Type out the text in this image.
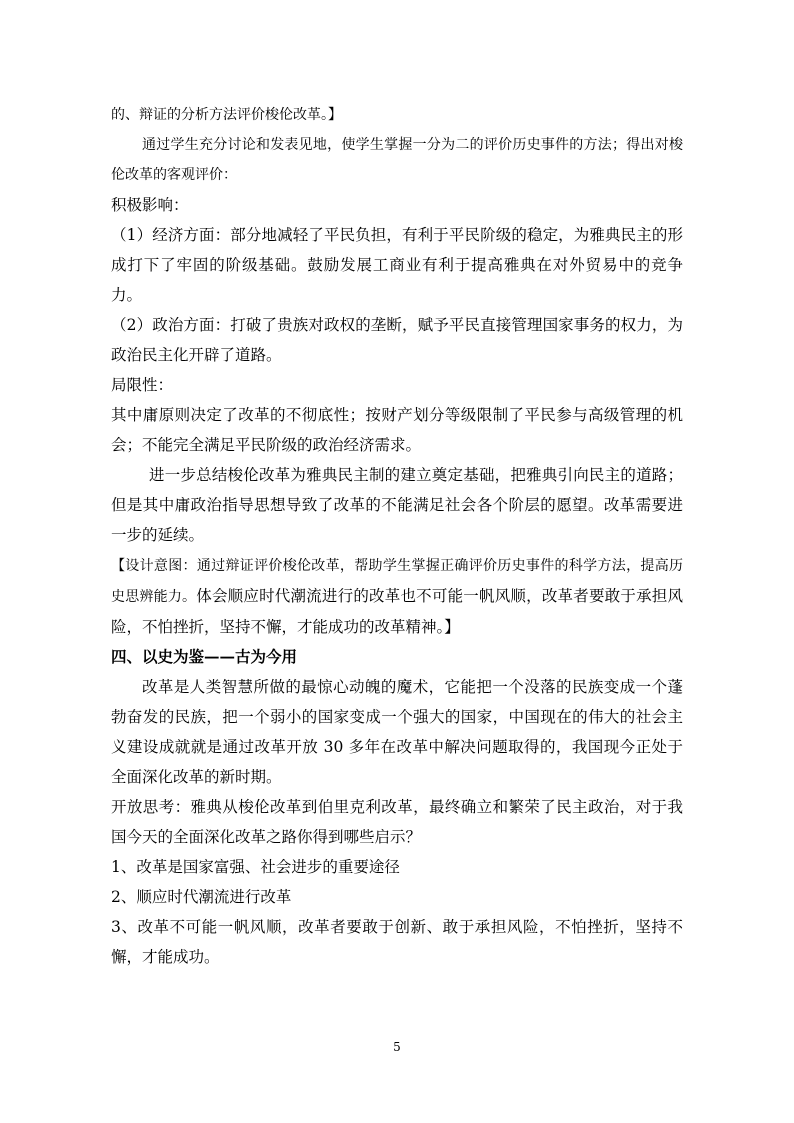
的、辩证的分析方法评价梭伦改革。】

通过学生充分讨论和发表见地，使学生掌握一分为二的评价历史事件的方法；得出对梭伦改革的客观评价：

积极影响：

（1）经济方面：部分地减轻了平民负担，有利于平民阶级的稳定，为雅典民主的形成打下了牢固的阶级基础。鼓励发展工商业有利于提高雅典在对外贸易中的竞争力。

（2）政治方面：打破了贵族对政权的垄断，赋予平民直接管理国家事务的权力，为政治民主化开辟了道路。

局限性：

其中庸原则决定了改革的不彻底性；按财产划分等级限制了平民参与高级管理的机会；不能完全满足平民阶级的政治经济需求。

进一步总结梭伦改革为雅典民主制的建立奠定基础，把雅典引向民主的道路；但是其中庸政治指导思想导致了改革的不能满足社会各个阶层的愿望。改革需要进一步的延续。

【设计意图：通过辩证评价梭伦改革，帮助学生掌握正确评价历史事件的科学方法，提高历史思辨能力。体会顺应时代潮流进行的改革也不可能一帆风顺，改革者要敢于承担风险，不怕挫折，坚持不懈，才能成功的改革精神。】

四、以史为鉴——古为今用

改革是人类智慧所做的最惊心动魄的魔术，它能把一个没落的民族变成一个蓬勃奋发的民族，把一个弱小的国家变成一个强大的国家，中国现在的伟大的社会主义建设成就就是通过改革开放 30 多年在改革中解决问题取得的，我国现今正处于全面深化改革的新时期。

开放思考：雅典从梭伦改革到伯里克利改革，最终确立和繁荣了民主政治，对于我国今天的全面深化改革之路你得到哪些启示？

1、改革是国家富强、社会进步的重要途径

2、顺应时代潮流进行改革

3、改革不可能一帆风顺，改革者要敢于创新、敢于承担风险，不怕挫折，坚持不懈，才能成功。

5
